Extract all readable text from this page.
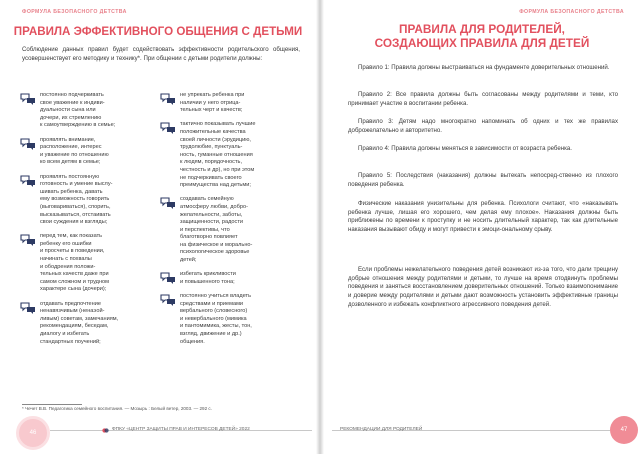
ФОРМУЛА БЕЗОПАСНОГО ДЕТСТВА
ПРАВИЛА ЭФФЕКТИВНОГО ОБЩЕНИЯ С ДЕТЬМИ
Соблюдение данных правил будет содействовать эффективности родительского общения, усовершенствует его методику и технику*. При общении с детьми родители должны:
постоянно подчеркивать
свое уважение к индиви-
дуальности сына или
дочери, их стремлению
к самоутверждению в семье;
проявлять внимание,
расположение, интерес
и уважение по отношению
ко всем детям в семье;
проявлять постоянную
готовность и умение выслу-
шивать ребенка, давать
ему возможность говорить
(выговариваться), спорить,
высказываться, отстаивать
свои суждения и взгляды;
перед тем, как показать
ребенку его ошибки
и просчеты в поведении,
начинать с похвалы
и ободрения положи-
тельных качеств даже при
самом сложном и трудном
характере сына (дочери);
отдавать предпочтение
ненавязчивым (ненаэой-
ливым) советам, замечаниям,
рекомендациям, беседам,
диалогу и избегать
стандартных поучений;
не упрекать ребенка при
наличии у него отрица-
тельных черт и качеств;
тактично показывать лучшие
положительные качества
своей личности (эрудицию,
трудолюбие, пунктуаль-
ность, гуманные отношения
к людям, порядочность,
честность и др), но при этом
не подчеркивать своего
преимущества над детьми;
создавать семейную
атмосферу любви, добро-
желательности, заботы,
защищенности, радости
и перспективы, что
благотворно повлияет
на физическое и морально-
психологическое здоровье
детей;
избегать крикливости
и повышенного тона;
постоянно учиться владеть
средствами и приемами
вербального (словесного)
и невербального (мимика
и пантомимика, жесты, тон,
взгляд, движение и др.)
общения.
* Чечет В.В. Педагогика семейного воспитания. — Мозырь : Белый ветер, 2003. — 292 с.
ФПКУ «ЦЕНТР ЗАЩИТЫ ПРАВ И ИНТЕРЕСОВ ДЕТЕЙ» 2022
46
ФОРМУЛА БЕЗОПАСНОГО ДЕТСТВА
ПРАВИЛА ДЛЯ РОДИТЕЛЕЙ,
СОЗДАЮЩИХ ПРАВИЛА ДЛЯ ДЕТЕЙ
Правило 1: Правила должны выстраиваться на фундаменте доверительных отношений.
Правило 2: Все правила должны быть согласованы между родителями и теми, кто принимает участие в воспитании ребенка.
Правило 3: Детям надо многократно напоминать об одних и тех же правилах доброжелательно и авторитетно.
Правило 4: Правила должны меняться в зависимости от возраста ребенка.
Правило 5: Последствия (наказания) должны вытекать непосред-ственно из плохого поведения ребенка.
Физические наказания унизительны для ребенка. Психологи считают, что «наказывать ребенка лучше, лишая его хорошего, чем делая ему плохое». Наказания должны быть приближены по времени к проступку и не носить длительный характер, так как длительные наказания вызывают обиду и могут привести к эмоци-ональному срыву.
Если проблемы нежелательного поведения детей возникают из-за того, что дали трещину добрые отношения между родителями и детьми, то лучше на время отодвинуть проблемы поведения и заняться восстановлением доверительных отношений. Только взаимопонимание и доверие между родителями и детьми дают возможность установить эффективные границы дозволенного и избежать конфликтного агрессивного поведения детей.
РЕКОМЕНДАЦИИ ДЛЯ РОДИТЕЛЕЙ	47
